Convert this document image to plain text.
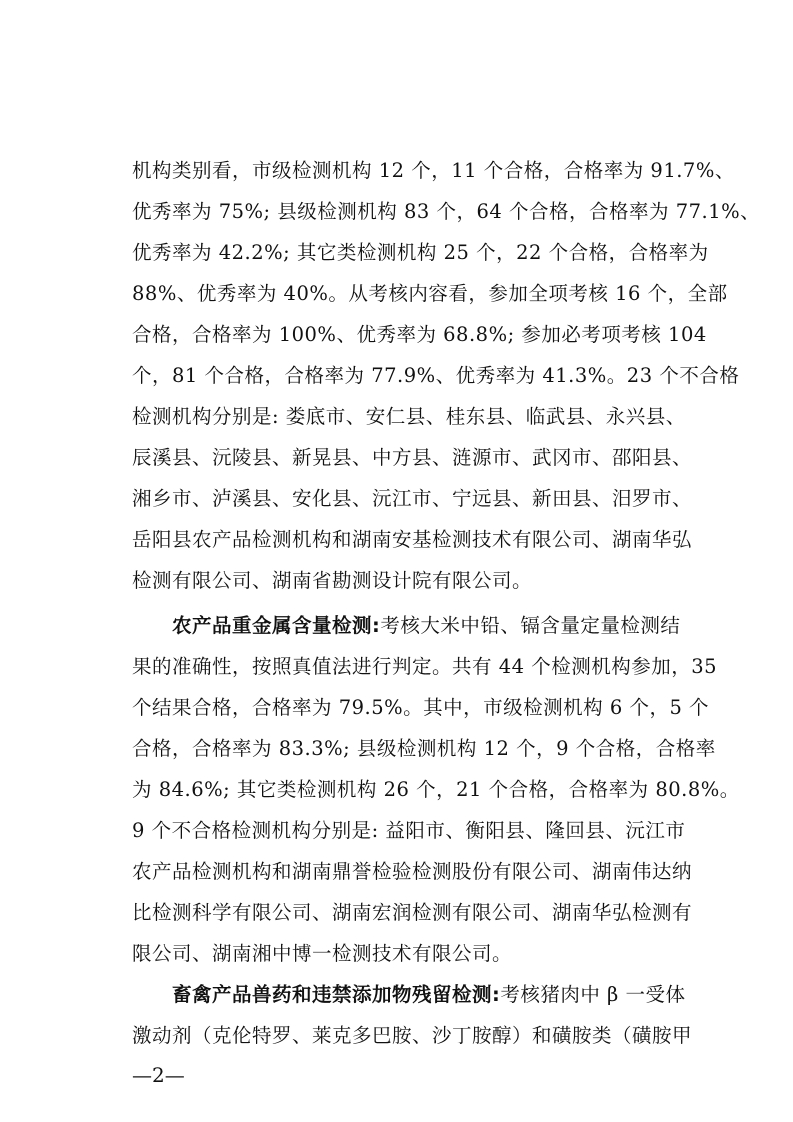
机构类别看，市级检测机构 12 个，11 个合格，合格率为 91.7%、
优秀率为 75%; 县级检测机构 83 个，64 个合格，合格率为 77.1%、
优秀率为 42.2%; 其它类检测机构 25 个，22 个合格，合格率为
88%、优秀率为 40%。从考核内容看，参加全项考核 16 个，全部
合格，合格率为 100%、优秀率为 68.8%; 参加必考项考核 104
个，81 个合格，合格率为 77.9%、优秀率为 41.3%。23 个不合格
检测机构分别是: 娄底市、安仁县、桂东县、临武县、永兴县、
辰溪县、沅陵县、新晃县、中方县、涟源市、武冈市、邵阳县、
湘乡市、泸溪县、安化县、沅江市、宁远县、新田县、汨罗市、
岳阳县农产品检测机构和湖南安基检测技术有限公司、湖南华弘
检测有限公司、湖南省勘测设计院有限公司。
农产品重金属含量检测:考核大米中铅、镉含量定量检测结
果的准确性，按照真值法进行判定。共有 44 个检测机构参加，35
个结果合格，合格率为 79.5%。其中，市级检测机构 6 个，5 个
合格，合格率为 83.3%; 县级检测机构 12 个，9 个合格，合格率
为 84.6%; 其它类检测机构 26 个，21 个合格，合格率为 80.8%。
9 个不合格检测机构分别是: 益阳市、衡阳县、隆回县、沅江市
农产品检测机构和湖南鼎誉检验检测股份有限公司、湖南伟达纳
比检测科学有限公司、湖南宏润检测有限公司、湖南华弘检测有
限公司、湖南湘中博一检测技术有限公司。
畜禽产品兽药和违禁添加物残留检测:考核猪肉中 β 一受体
激动剂（克伦特罗、莱克多巴胺、沙丁胺醇）和磺胺类（磺胺甲
—2—
